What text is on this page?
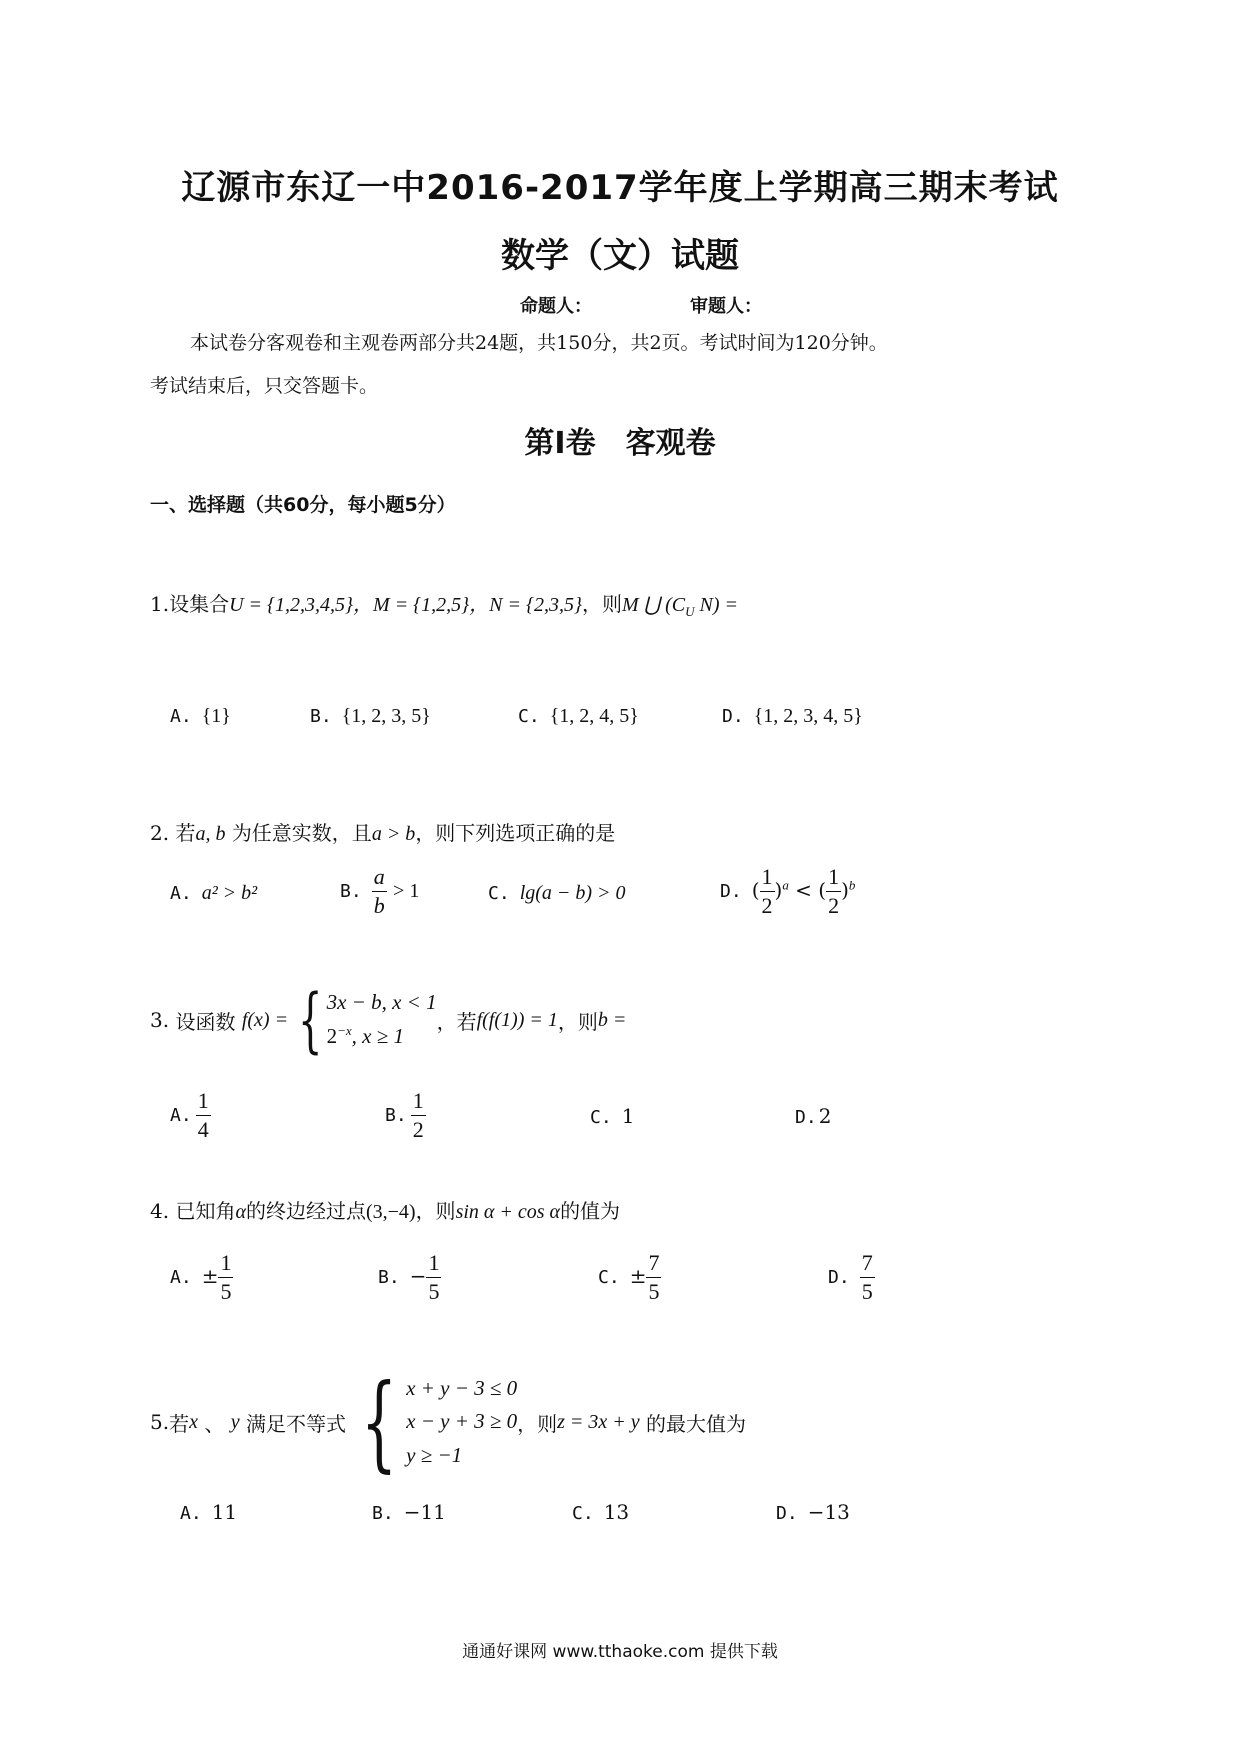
辽源市东辽一中2016-2017学年度上学期高三期末考试
数学（文）试题
命题人：	审题人：
本试卷分客观卷和主观卷两部分共24题，共150分，共2页。考试时间为120分钟。
考试结束后，只交答题卡。
第Ⅰ卷　客观卷
一、选择题（共60分，每小题5分）
1.设集合U = {1,2,3,4,5}，M = {1,2,5}，N = {2,3,5}，则M ⋃ ($C_U$ N) =
A. {1}	B. {1, 2, 3, 5}	C. {1, 2, 4, 5}	D. {1, 2, 3, 4, 5}
2. 若a, b 为任意实数，且a > b，则下列选项正确的是
A. a² > b²	B. $\frac{a}{b} > 1$	C. lg(a − b) > 0	D. ( $\frac{1}{2} )^a$ < ( $\frac{1}{2} )^b$
3.
设函数
f(x) = { 3x − b, x < 1
$2^{-x}$, x ≥ 1
，若 f(f(1)) = 1 ，则 b =
A. $\frac{1}{4}$	B. $\frac{1}{2}$	C. 1	D. 2
4. 已知角α的终边经过点(3,−4)，则sin α + cos α的值为
A. ± $\frac{1}{5}$	B. − $\frac{1}{5}$	C. ± $\frac{7}{5}$	D. $\frac{7}{5}$
5. 若 x
、
y
满足不等式 { x + y − 3 ≤ 0
x − y + 3 ≥ 0
y ≥ −1
，则 z = 3x + y
的最大值为
A. 11	B. −11	C. 13	D. −13
通通好课网 www.tthaoke.com 提供下载
